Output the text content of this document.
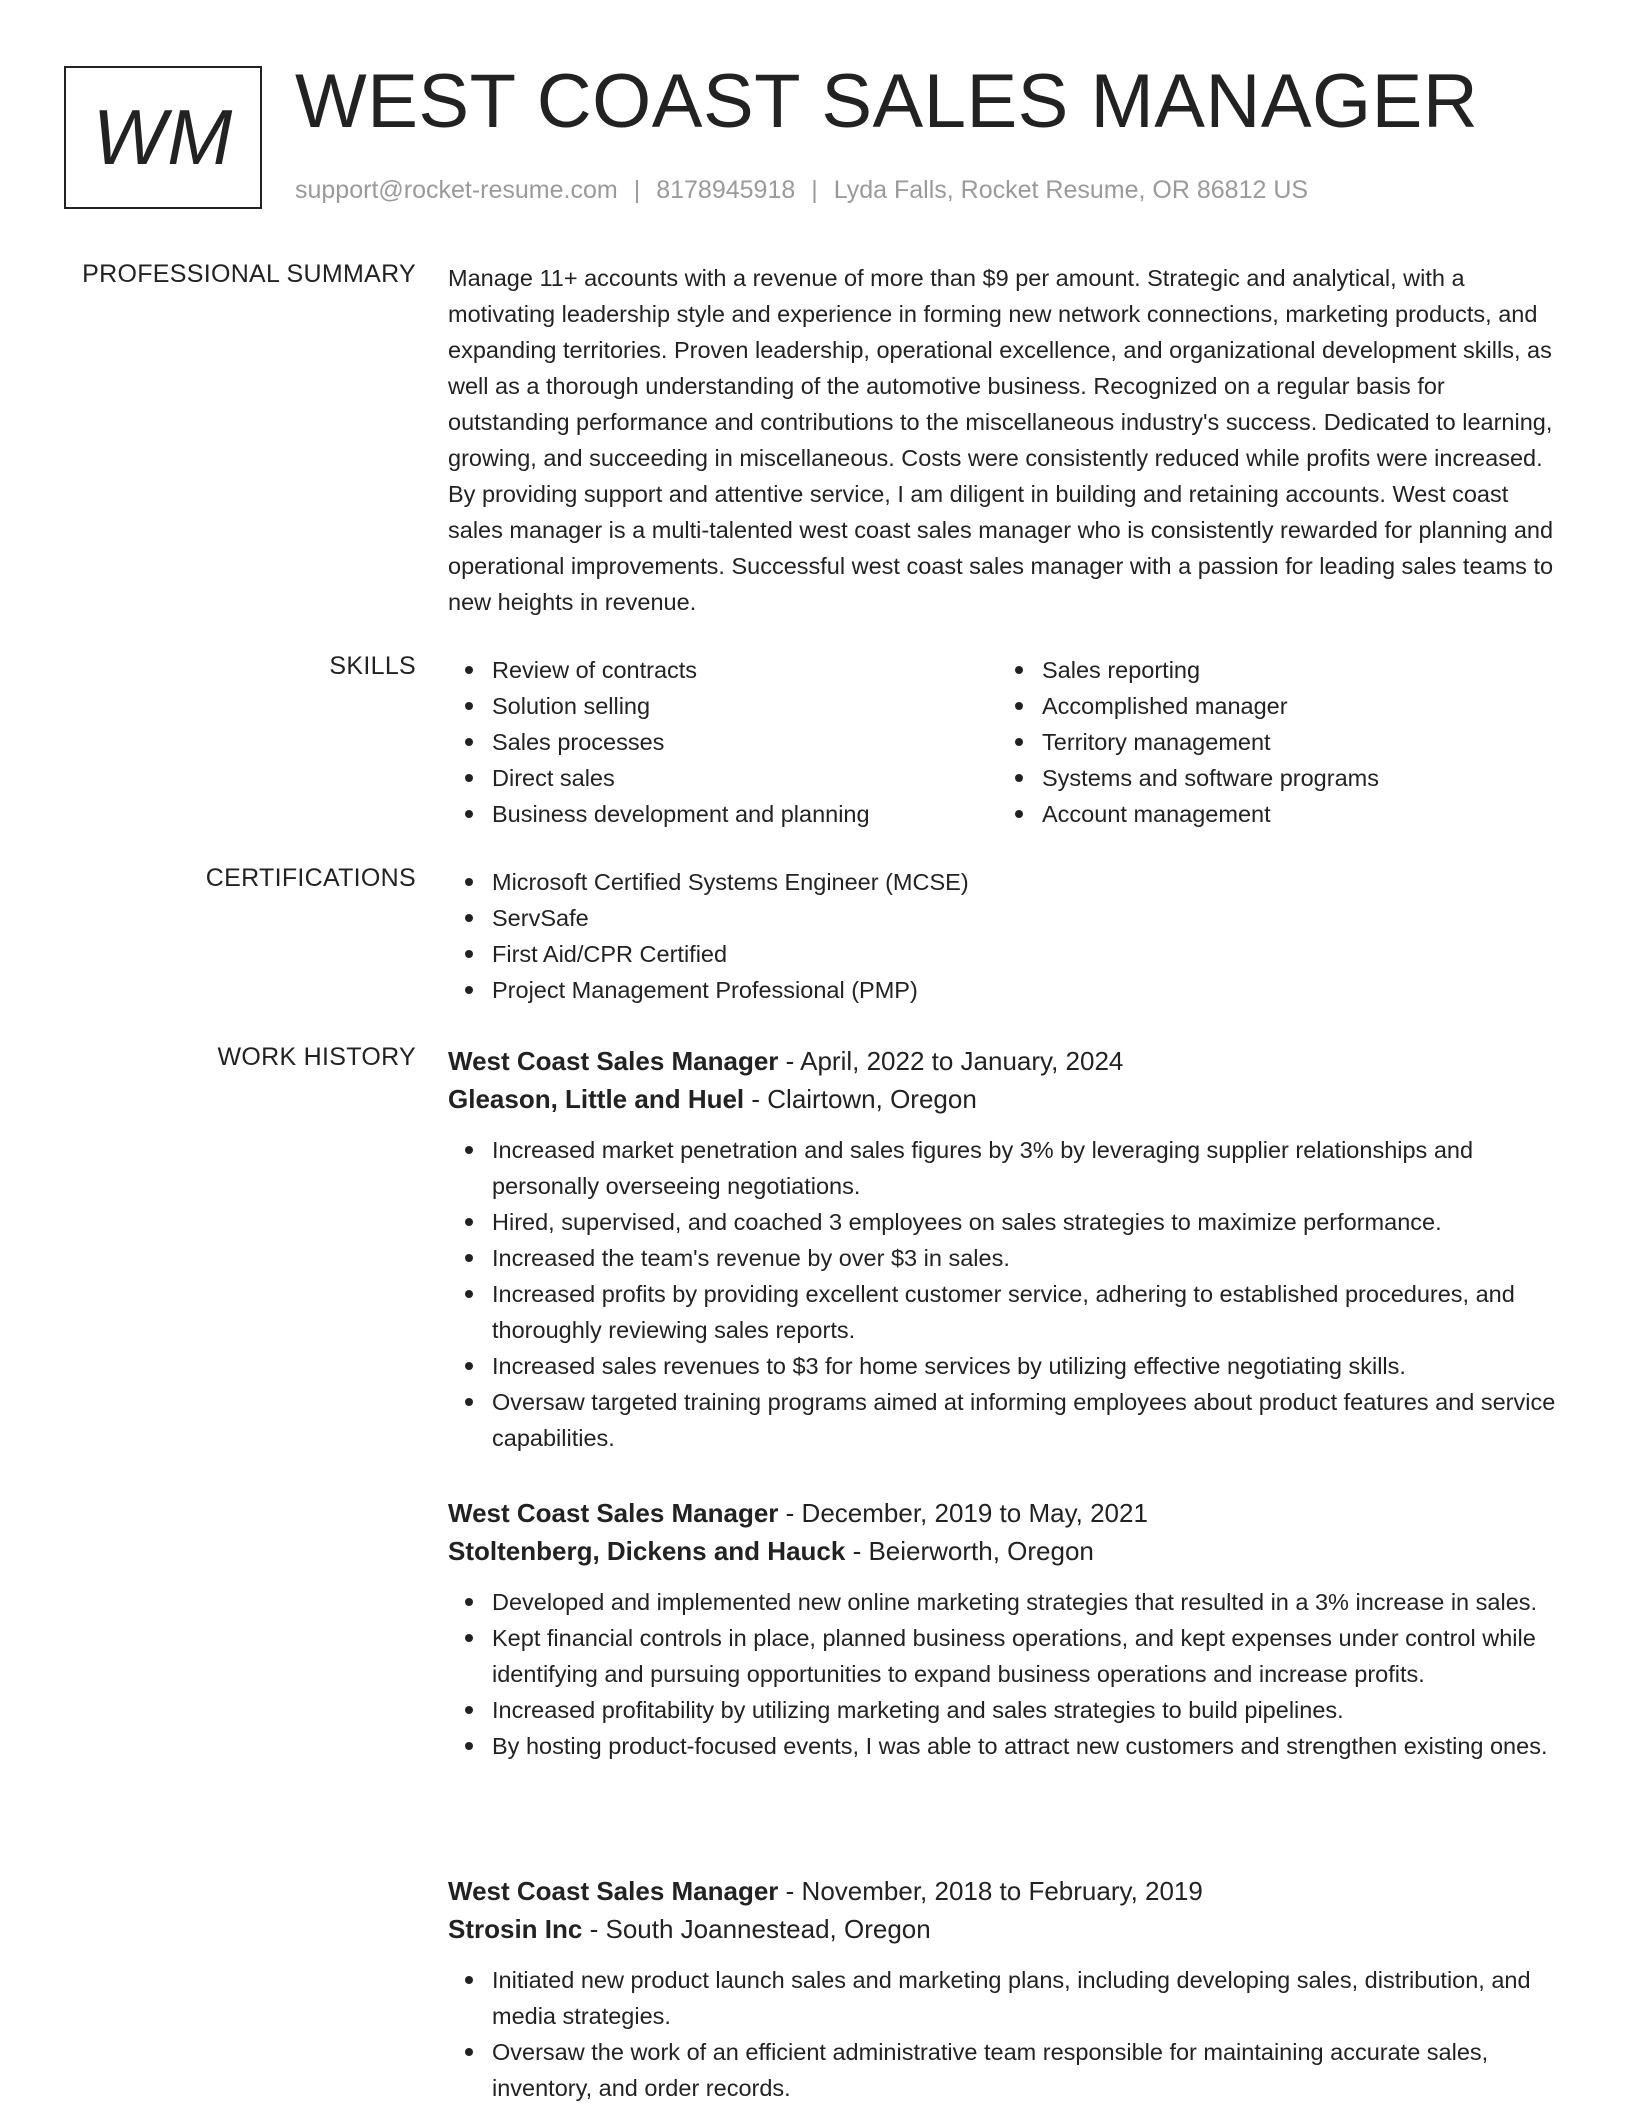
WM WEST COAST SALES MANAGER
support@rocket-resume.com | 8178945918 | Lyda Falls, Rocket Resume, OR 86812 US
PROFESSIONAL SUMMARY Manage 11+ accounts with a revenue of more than $9 per amount. Strategic and analytical, with a motivating leadership style and experience in forming new network connections, marketing products, and expanding territories. Proven leadership, operational excellence, and organizational development skills, as well as a thorough understanding of the automotive business. Recognized on a regular basis for outstanding performance and contributions to the miscellaneous industry's success. Dedicated to learning, growing, and succeeding in miscellaneous. Costs were consistently reduced while profits were increased. By providing support and attentive service, I am diligent in building and retaining accounts. West coast sales manager is a multi-talented west coast sales manager who is consistently rewarded for planning and operational improvements. Successful west coast sales manager with a passion for leading sales teams to new heights in revenue.
SKILLS	Review of contracts
Solution selling
Sales processes
Direct sales
Business development and planning
Sales reporting
Accomplished manager
Territory management
Systems and software programs
Account management
CERTIFICATIONS	Microsoft Certified Systems Engineer (MCSE)
ServSafe
First Aid/CPR Certified
Project Management Professional (PMP)
WORK HISTORY West Coast Sales Manager - April, 2022 to January, 2024
Gleason, Little and Huel - Clairtown, Oregon
Increased market penetration and sales figures by 3% by leveraging supplier relationships and personally overseeing negotiations.
Hired, supervised, and coached 3 employees on sales strategies to maximize performance.
Increased the team's revenue by over $3 in sales.
Increased profits by providing excellent customer service, adhering to established procedures, and thoroughly reviewing sales reports.
Increased sales revenues to $3 for home services by utilizing effective negotiating skills.
Oversaw targeted training programs aimed at informing employees about product features and service capabilities.
West Coast Sales Manager - December, 2019 to May, 2021
Stoltenberg, Dickens and Hauck - Beierworth, Oregon
Developed and implemented new online marketing strategies that resulted in a 3% increase in sales.
Kept financial controls in place, planned business operations, and kept expenses under control while identifying and pursuing opportunities to expand business operations and increase profits.
Increased profitability by utilizing marketing and sales strategies to build pipelines.
By hosting product-focused events, I was able to attract new customers and strengthen existing ones.
West Coast Sales Manager - November, 2018 to February, 2019
Strosin Inc - South Joannestead, Oregon
Initiated new product launch sales and marketing plans, including developing sales, distribution, and media strategies.
Oversaw the work of an efficient administrative team responsible for maintaining accurate sales, inventory, and order records.
